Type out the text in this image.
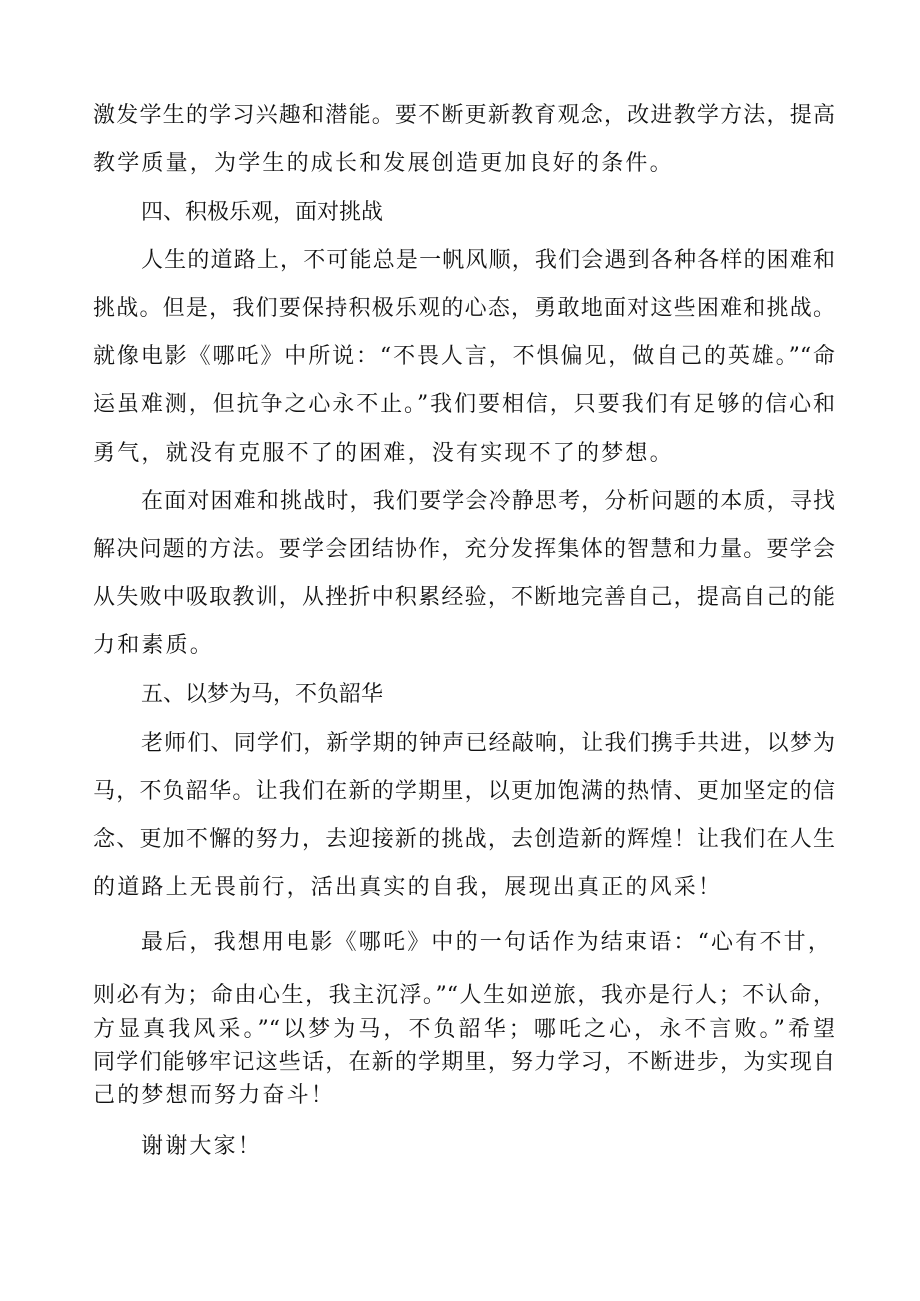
激发学生的学习兴趣和潜能。要不断更新教育观念，改进教学方法，提高
教学质量，为学生的成长和发展创造更加良好的条件。
四、积极乐观，面对挑战
人生的道路上，不可能总是一帆风顺，我们会遇到各种各样的困难和
挑战。但是，我们要保持积极乐观的心态，勇敢地面对这些困难和挑战。
就像电影《哪吒》中所说：“不畏人言，不惧偏见，做自己的英雄。”“命
运虽难测，但抗争之心永不止。”我们要相信，只要我们有足够的信心和
勇气，就没有克服不了的困难，没有实现不了的梦想。
在面对困难和挑战时，我们要学会冷静思考，分析问题的本质，寻找
解决问题的方法。要学会团结协作，充分发挥集体的智慧和力量。要学会
从失败中吸取教训，从挫折中积累经验，不断地完善自己，提高自己的能
力和素质。
五、以梦为马，不负韶华
老师们、同学们，新学期的钟声已经敲响，让我们携手共进，以梦为
马，不负韶华。让我们在新的学期里，以更加饱满的热情、更加坚定的信
念、更加不懈的努力，去迎接新的挑战，去创造新的辉煌！让我们在人生
的道路上无畏前行，活出真实的自我，展现出真正的风采！
最后，我想用电影《哪吒》中的一句话作为结束语：“心有不甘，
则必有为；命由心生，我主沉浮。”“人生如逆旅，我亦是行人；不认命，
方显真我风采。”“以梦为马，不负韶华；哪吒之心，永不言败。”希望
同学们能够牢记这些话，在新的学期里，努力学习，不断进步，为实现自
己的梦想而努力奋斗！
谢谢大家！
